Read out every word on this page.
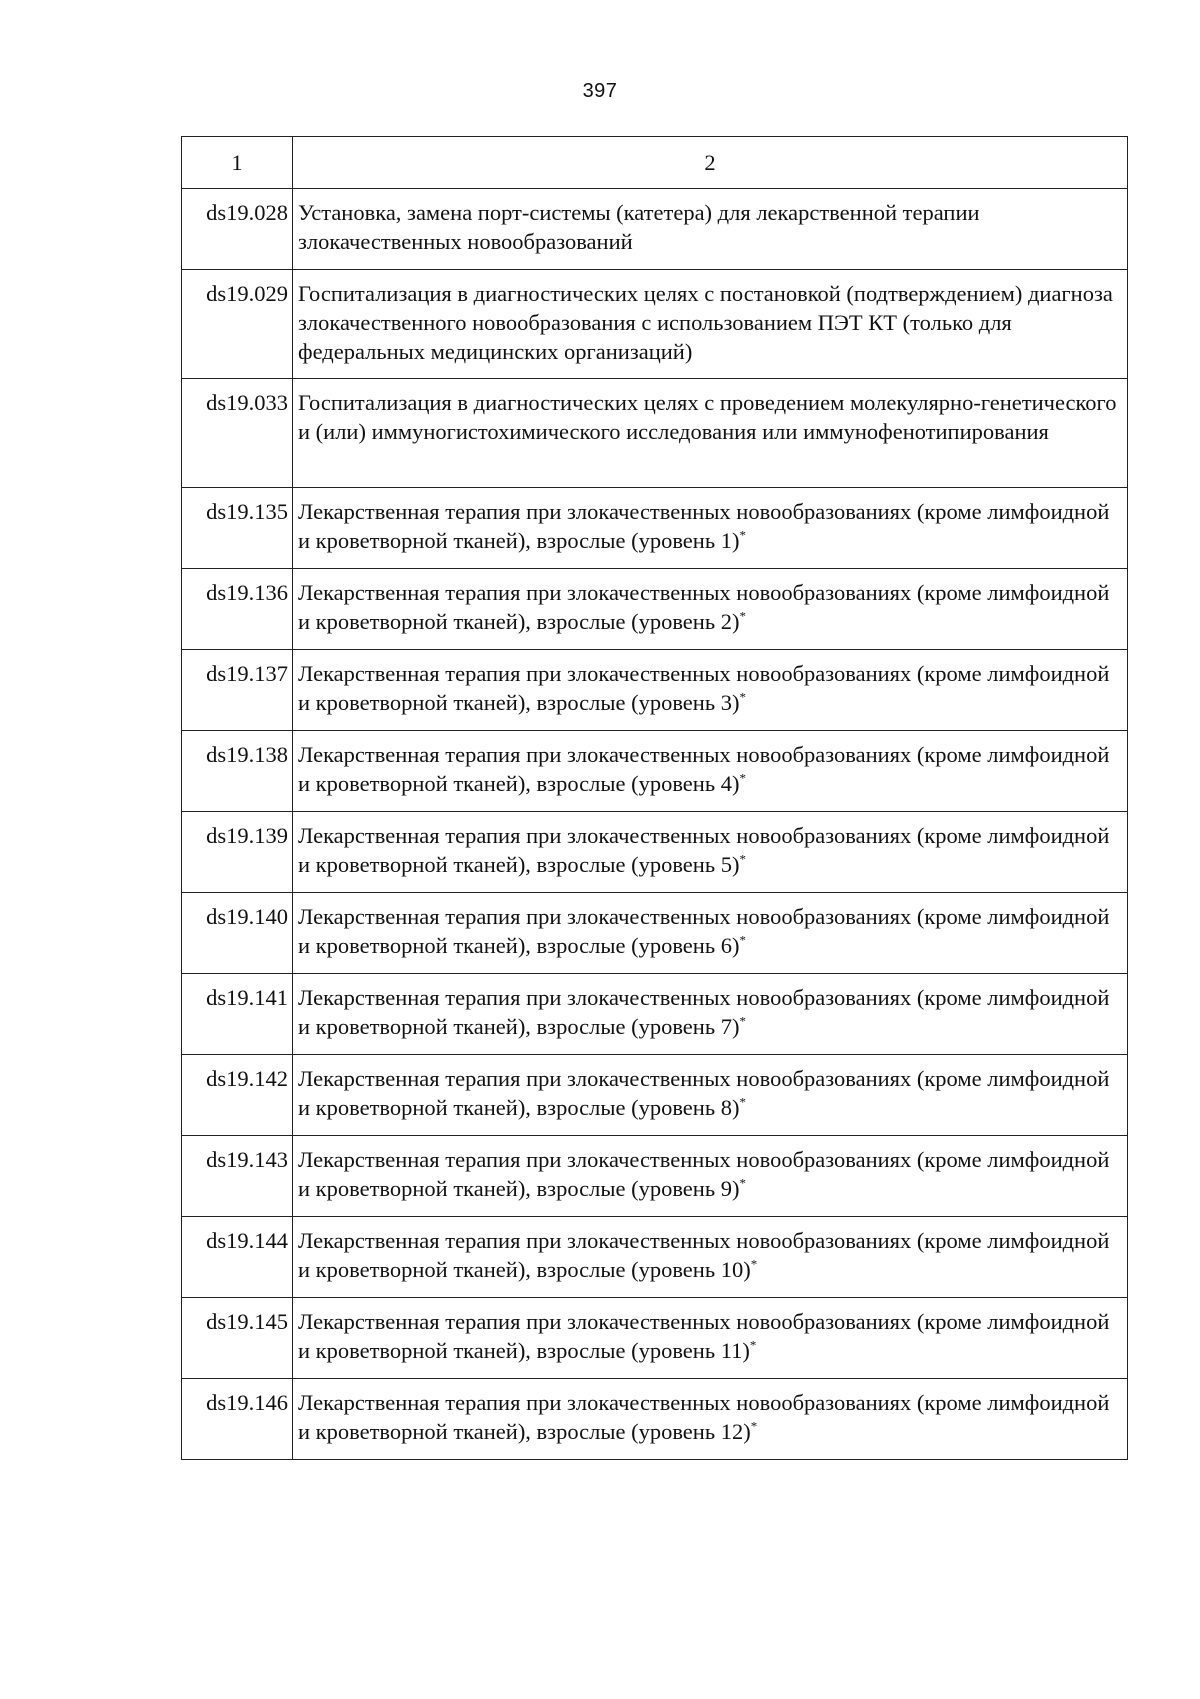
397
1	2
ds19.028	Установка, замена порт-системы (катетера) для лекарственной терапии злокачественных новообразований
ds19.029	Госпитализация в диагностических целях с постановкой (подтверждением) диагноза злокачественного новообразования с использованием ПЭТ КТ (только для федеральных медицинских организаций)
ds19.033	Госпитализация в диагностических целях с проведением молекулярно-генетического и (или) иммуногистохимического исследования или иммунофенотипирования
ds19.135	Лекарственная терапия при злокачественных новообразованиях (кроме лимфоидной и кроветворной тканей), взрослые (уровень 1)*
ds19.136	Лекарственная терапия при злокачественных новообразованиях (кроме лимфоидной и кроветворной тканей), взрослые (уровень 2)*
ds19.137	Лекарственная терапия при злокачественных новообразованиях (кроме лимфоидной и кроветворной тканей), взрослые (уровень 3)*
ds19.138	Лекарственная терапия при злокачественных новообразованиях (кроме лимфоидной и кроветворной тканей), взрослые (уровень 4)*
ds19.139	Лекарственная терапия при злокачественных новообразованиях (кроме лимфоидной и кроветворной тканей), взрослые (уровень 5)*
ds19.140	Лекарственная терапия при злокачественных новообразованиях (кроме лимфоидной и кроветворной тканей), взрослые (уровень 6)*
ds19.141	Лекарственная терапия при злокачественных новообразованиях (кроме лимфоидной и кроветворной тканей), взрослые (уровень 7)*
ds19.142	Лекарственная терапия при злокачественных новообразованиях (кроме лимфоидной и кроветворной тканей), взрослые (уровень 8)*
ds19.143	Лекарственная терапия при злокачественных новообразованиях (кроме лимфоидной и кроветворной тканей), взрослые (уровень 9)*
ds19.144	Лекарственная терапия при злокачественных новообразованиях (кроме лимфоидной и кроветворной тканей), взрослые (уровень 10)*
ds19.145	Лекарственная терапия при злокачественных новообразованиях (кроме лимфоидной и кроветворной тканей), взрослые (уровень 11)*
ds19.146	Лекарственная терапия при злокачественных новообразованиях (кроме лимфоидной и кроветворной тканей), взрослые (уровень 12)*
